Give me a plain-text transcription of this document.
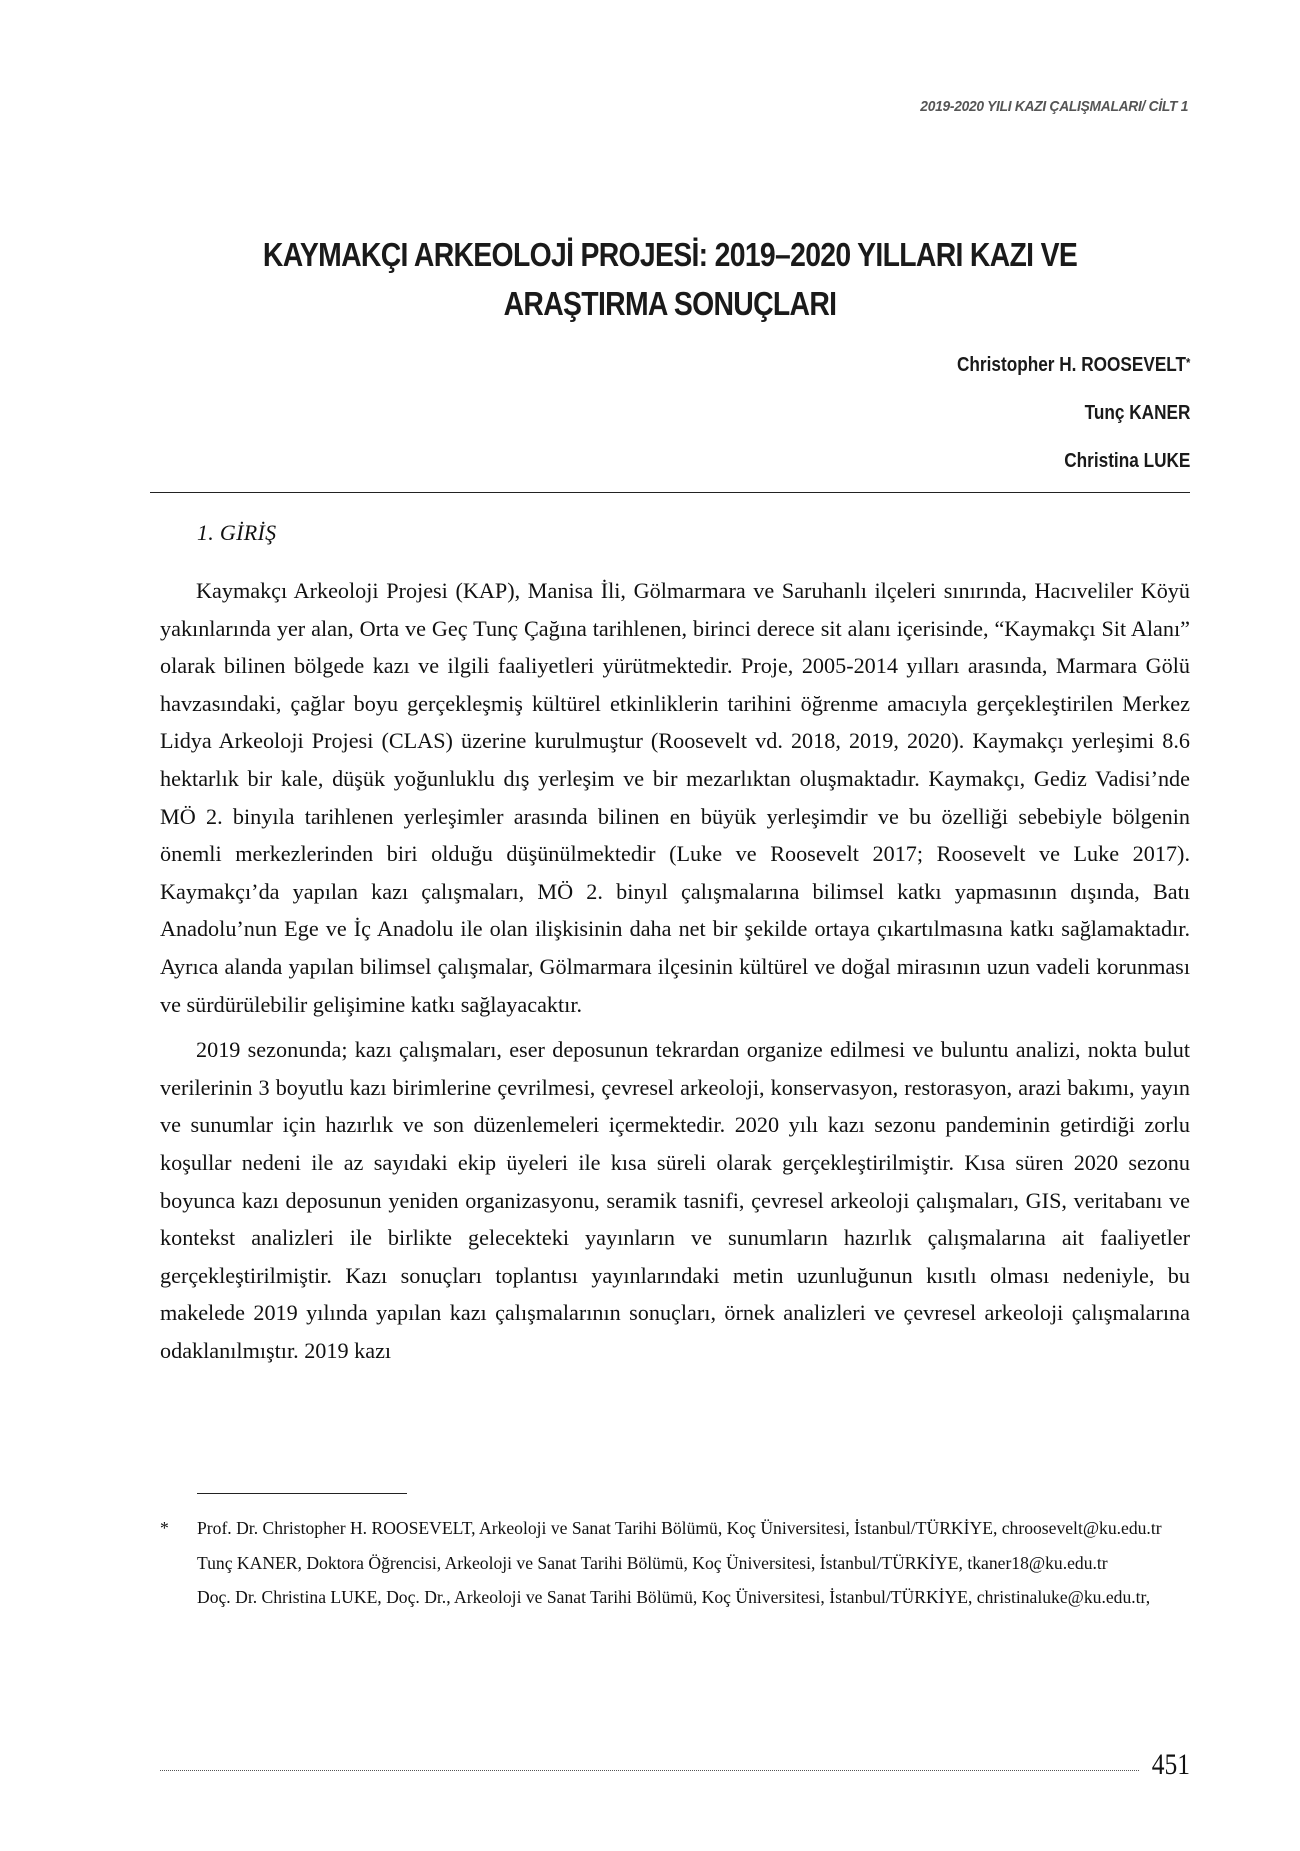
2019-2020 YILI KAZI ÇALIŞMALARI/ CİLT 1
KAYMAKÇI ARKEOLOJİ PROJESİ: 2019–2020 YILLARI KAZI VE
ARAŞTIRMA SONUÇLARI
Christopher H. ROOSEVELT*
Tunç KANER
Christina LUKE
1. GİRİŞ

Kaymakçı Arkeoloji Projesi (KAP), Manisa İli, Gölmarmara ve Saruhanlı ilçeleri sınırında, Hacıveliler Köyü yakınlarında yer alan, Orta ve Geç Tunç Çağına tarihlenen, birinci derece sit alanı içerisinde, “Kaymakçı Sit Alanı” olarak bilinen bölgede kazı ve ilgili faaliyetleri yürütmektedir. Proje, 2005-2014 yılları arasında, Marmara Gölü havzasındaki, çağlar boyu gerçekleşmiş kültürel etkinliklerin tarihini öğrenme amacıyla gerçekleştirilen Merkez Lidya Arkeoloji Projesi (CLAS) üzerine kurulmuştur (Roosevelt vd. 2018, 2019, 2020). Kaymakçı yerleşimi 8.6 hektarlık bir kale, düşük yoğunluklu dış yerleşim ve bir mezarlıktan oluşmaktadır. Kaymakçı, Gediz Vadisi’nde MÖ 2. binyıla tarihlenen yerleşimler arasında bilinen en büyük yerleşimdir ve bu özelliği sebebiyle bölgenin önemli merkezlerinden biri olduğu düşünülmektedir (Luke ve Roosevelt 2017; Roosevelt ve Luke 2017). Kaymakçı’da yapılan kazı çalışmaları, MÖ 2. binyıl çalışmalarına bilimsel katkı yapmasının dışında, Batı Anadolu’nun Ege ve İç Anadolu ile olan ilişkisinin daha net bir şekilde ortaya çıkartılmasına katkı sağlamaktadır. Ayrıca alanda yapılan bilimsel çalışmalar, Gölmarmara ilçesinin kültürel ve doğal mirasının uzun vadeli korunması ve sürdürülebilir gelişimine katkı sağlayacaktır.

2019 sezonunda; kazı çalışmaları, eser deposunun tekrardan organize edilmesi ve buluntu analizi, nokta bulut verilerinin 3 boyutlu kazı birimlerine çevrilmesi, çevresel arkeoloji, konservasyon, restorasyon, arazi bakımı, yayın ve sunumlar için hazırlık ve son düzenlemeleri içermektedir. 2020 yılı kazı sezonu pandeminin getirdiği zorlu koşullar nedeni ile az sayıdaki ekip üyeleri ile kısa süreli olarak gerçekleştirilmiştir. Kısa süren 2020 sezonu boyunca kazı deposunun yeniden organizasyonu, seramik tasnifi, çevresel arkeoloji çalışmaları, GIS, veritabanı ve kontekst analizleri ile birlikte gelecekteki yayınların ve sunumların hazırlık çalışmalarına ait faaliyetler gerçekleştirilmiştir. Kazı sonuçları toplantısı yayınlarındaki metin uzunluğunun kısıtlı olması nedeniyle, bu makelede 2019 yılında yapılan kazı çalışmalarının sonuçları, örnek analizleri ve çevresel arkeoloji çalışmalarına odaklanılmıştır. 2019 kazı

* Prof. Dr. Christopher H. ROOSEVELT, Arkeoloji ve Sanat Tarihi Bölümü, Koç Üniversitesi, İstanbul/TÜRKİYE, chroosevelt@ku.edu.tr
Tunç KANER, Doktora Öğrencisi, Arkeoloji ve Sanat Tarihi Bölümü, Koç Üniversitesi, İstanbul/TÜRKİYE, tkaner18@ku.edu.tr
Doç. Dr. Christina LUKE, Doç. Dr., Arkeoloji ve Sanat Tarihi Bölümü, Koç Üniversitesi, İstanbul/TÜRKİYE, christinaluke@ku.edu.tr,
451
